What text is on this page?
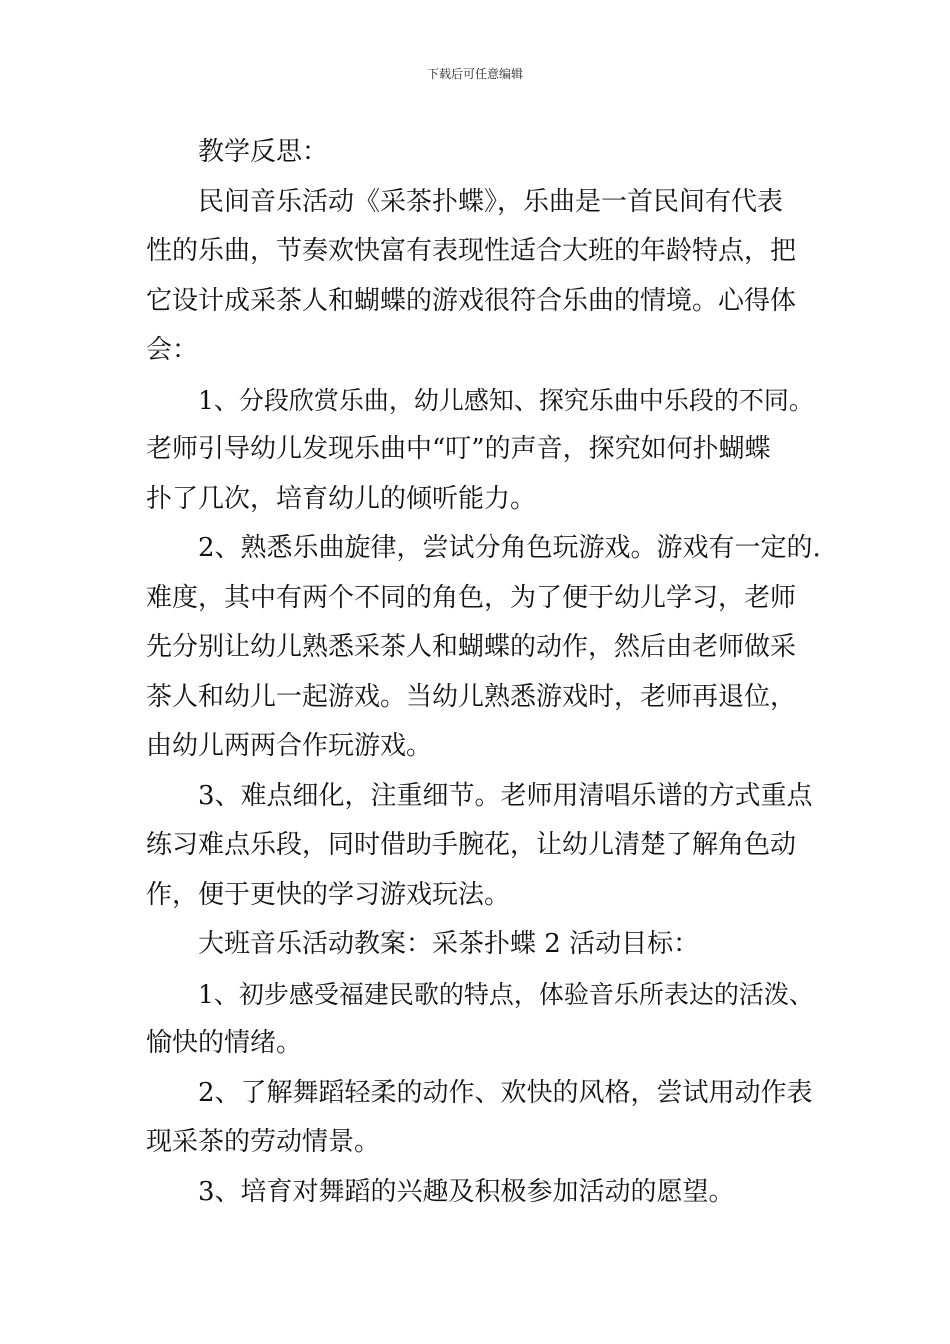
下载后可任意编辑
教学反思：
民间音乐活动《采茶扑蝶》，乐曲是一首民间有代表
性的乐曲，节奏欢快富有表现性适合大班的年龄特点，把
它设计成采茶人和蝴蝶的游戏很符合乐曲的情境。心得体
会：
1、分段欣赏乐曲，幼儿感知、探究乐曲中乐段的不同。
老师引导幼儿发现乐曲中“叮”的声音，探究如何扑蝴蝶
扑了几次，培育幼儿的倾听能力。
2、熟悉乐曲旋律，尝试分角色玩游戏。游戏有一定的.
难度，其中有两个不同的角色，为了便于幼儿学习，老师
先分别让幼儿熟悉采茶人和蝴蝶的动作，然后由老师做采
茶人和幼儿一起游戏。当幼儿熟悉游戏时，老师再退位，
由幼儿两两合作玩游戏。
3、难点细化，注重细节。老师用清唱乐谱的方式重点
练习难点乐段，同时借助手腕花，让幼儿清楚了解角色动
作，便于更快的学习游戏玩法。
大班音乐活动教案：采茶扑蝶 2 活动目标：
1、初步感受福建民歌的特点，体验音乐所表达的活泼、
愉快的情绪。
2、了解舞蹈轻柔的动作、欢快的风格，尝试用动作表
现采茶的劳动情景。
3、培育对舞蹈的兴趣及积极参加活动的愿望。
